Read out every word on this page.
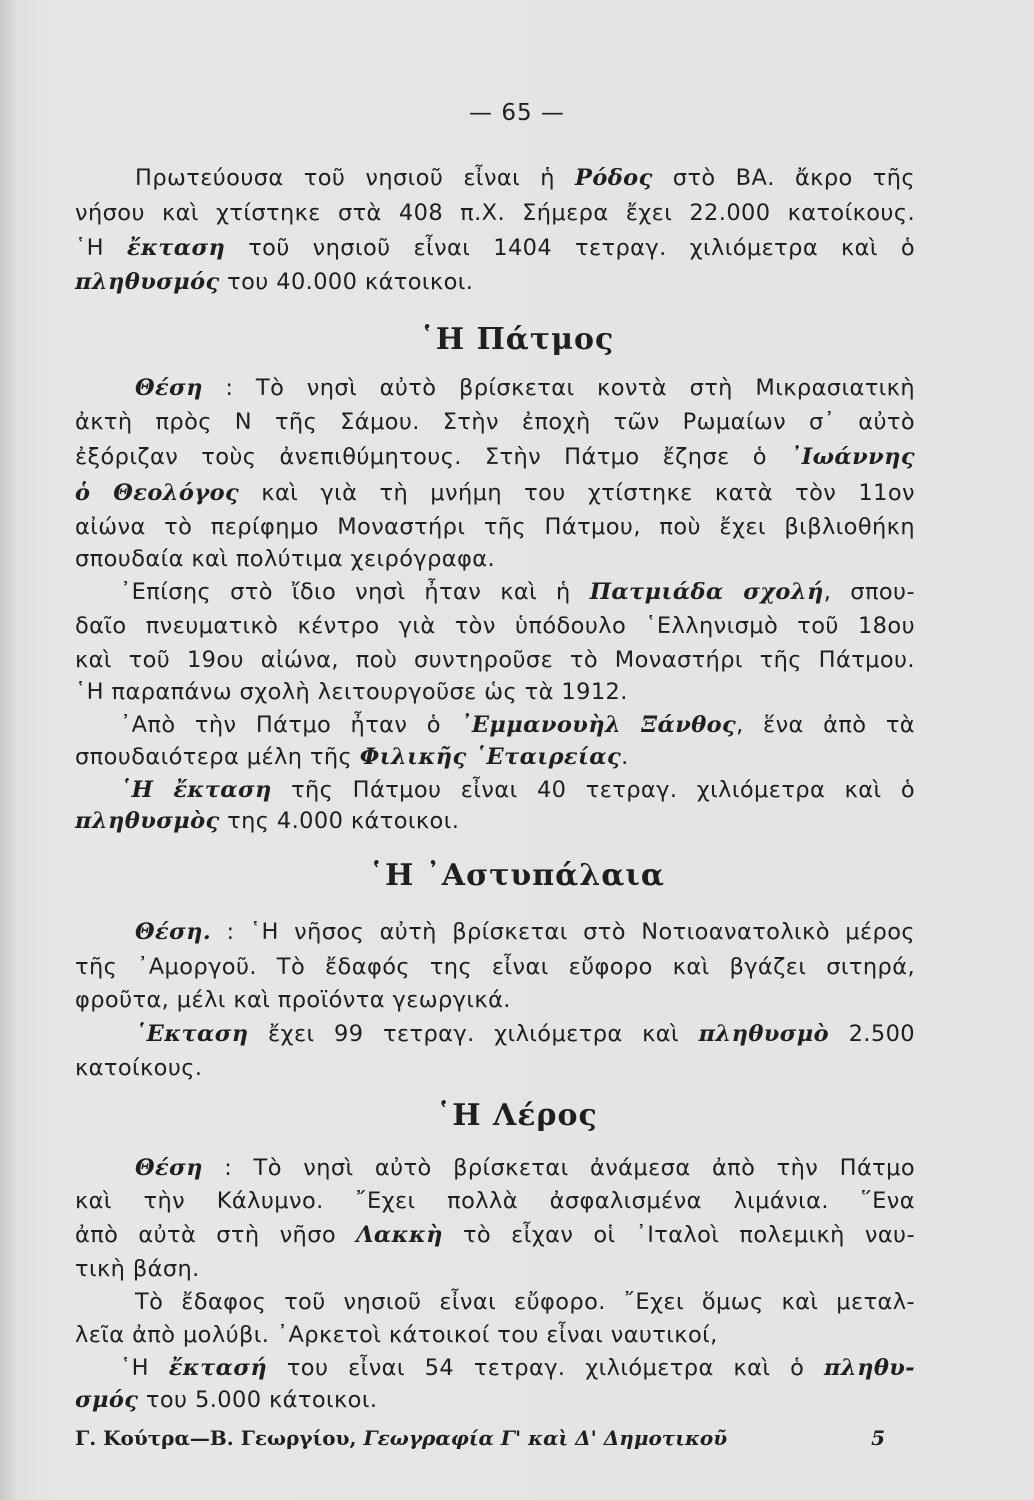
— 65 —
Πρωτεύουσα τοῦ νησιοῦ εἶναι ἡ Ρόδος στὸ ΒΑ. ἄκρο τῆς
νήσου καὶ χτίστηκε στὰ 408 π.Χ. Σήμερα ἔχει 22.000 κατοίκους.
῾Η ἔκταση τοῦ νησιοῦ εἶναι 1404 τετραγ. χιλιόμετρα καὶ ὁ
πληθυσμός του 40.000 κάτοικοι.
῾Η Πάτμος
Θέση : Τὸ νησὶ αὐτὸ βρίσκεται κοντὰ στὴ Μικρασιατικὴ
ἀκτὴ πρὸς Ν τῆς Σάμου. Στὴν ἐποχὴ τῶν Ρωμαίων σ᾽ αὐτὸ
ἐξόριζαν τοὺς ἀνεπιθύμητους. Στὴν Πάτμο ἔζησε ὁ ᾽Ιωάννης
ὁ Θεολόγος καὶ γιὰ τὴ μνήμη του χτίστηκε κατὰ τὸν 11ον
αἰώνα τὸ περίφημο Μοναστήρι τῆς Πάτμου, ποὺ ἔχει βιβλιοθήκη
σπουδαία καὶ πολύτιμα χειρόγραφα.
᾽Επίσης στὸ ἴδιο νησὶ ἦταν καὶ ἡ Πατμιάδα σχολή, σπου-
δαῖο πνευματικὸ κέντρο γιὰ τὸν ὑπόδουλο ῾Ελληνισμὸ τοῦ 18ου
καὶ τοῦ 19ου αἰώνα, ποὺ συντηροῦσε τὸ Μοναστήρι τῆς Πάτμου.
῾Η παραπάνω σχολὴ λειτουργοῦσε ὡς τὰ 1912.
᾽Απὸ τὴν Πάτμο ἦταν ὁ ᾽Εμμανουὴλ Ξάνθος, ἕνα ἀπὸ τὰ
σπουδαιότερα μέλη τῆς Φιλικῆς ῾Εταιρείας.
῾Η ἔκταση τῆς Πάτμου εἶναι 40 τετραγ. χιλιόμετρα καὶ ὁ
πληθυσμὸς της 4.000 κάτοικοι.
῾Η ᾽Αστυπάλαια
Θέση. : ῾Η νῆσος αὐτὴ βρίσκεται στὸ Νοτιοανατολικὸ μέρος
τῆς ᾽Αμοργοῦ. Τὸ ἔδαφός της εἶναι εὔφορο καὶ βγάζει σιτηρά,
φροῦτα, μέλι καὶ προϊόντα γεωργικά.
῾Εκταση ἔχει 99 τετραγ. χιλιόμετρα καὶ πληθυσμὸ 2.500
κατοίκους.
῾Η Λέρος
Θέση : Τὸ νησὶ αὐτὸ βρίσκεται ἀνάμεσα ἀπὸ τὴν Πάτμο
καὶ τὴν Κάλυμνο. ῎Εχει πολλὰ ἀσφαλισμένα λιμάνια. ῞Ενα
ἀπὸ αὐτὰ στὴ νῆσο Λακκὴ τὸ εἶχαν οἱ ᾽Ιταλοὶ πολεμικὴ ναυ-
τικὴ βάση.
Τὸ ἔδαφος τοῦ νησιοῦ εἶναι εὔφορο. ῎Εχει ὅμως καὶ μεταλ-
λεῖα ἀπὸ μολύβι. ᾽Αρκετοὶ κάτοικοί του εἶναι ναυτικοί,
῾Η ἔκτασή του εἶναι 54 τετραγ. χιλιόμετρα καὶ ὁ πληθυ-
σμός του 5.000 κάτοικοι.
Γ. Κούτρα—Β. Γεωργίου, Γεωγραφία Γ' καὶ Δ' Δημοτικοῦ	5
